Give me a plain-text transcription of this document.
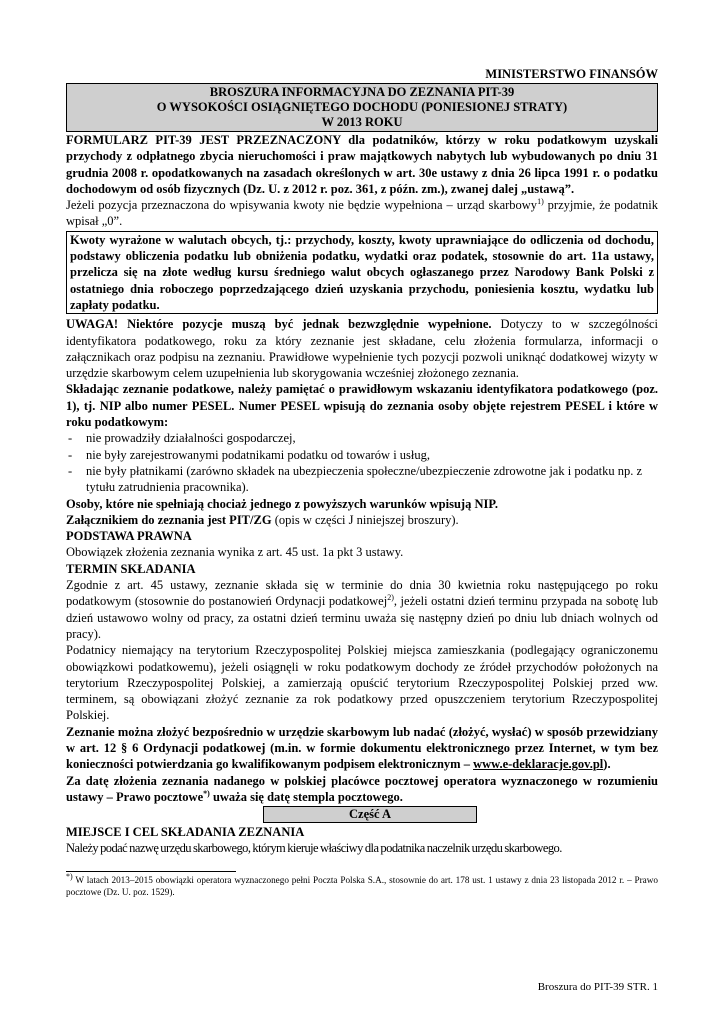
MINISTERSTWO FINANSÓW

BROSZURA INFORMACYJNA DO ZEZNANIA PIT-39
O WYSOKOŚCI OSIĄGNIĘTEGO DOCHODU (PONIESIONEJ STRATY)
W 2013 ROKU

FORMULARZ PIT-39 JEST PRZEZNACZONY dla podatników, którzy w roku podatkowym uzyskali przychody z odpłatnego zbycia nieruchomości i praw majątkowych nabytych lub wybudowanych po dniu 31 grudnia 2008 r. opodatkowanych na zasadach określonych w art. 30e ustawy z dnia 26 lipca 1991 r. o podatku dochodowym od osób fizycznych (Dz. U. z 2012 r. poz. 361, z późn. zm.), zwanej dalej „ustawą”.

Jeżeli pozycja przeznaczona do wpisywania kwoty nie będzie wypełniona – urząd skarbowy$^{1)}$ przyjmie, że podatnik wpisał „0”.

Kwoty wyrażone w walutach obcych, tj.: przychody, koszty, kwoty uprawniające do odliczenia od dochodu, podstawy obliczenia podatku lub obniżenia podatku, wydatki oraz podatek, stosownie do art. 11a ustawy, przelicza się na złote według kursu średniego walut obcych ogłaszanego przez Narodowy Bank Polski z ostatniego dnia roboczego poprzedzającego dzień uzyskania przychodu, poniesienia kosztu, wydatku lub zapłaty podatku.

UWAGA! Niektóre pozycje muszą być jednak bezwzględnie wypełnione. Dotyczy to w szczególności identyfikatora podatkowego, roku za który zeznanie jest składane, celu złożenia formularza, informacji o załącznikach oraz podpisu na zeznaniu. Prawidłowe wypełnienie tych pozycji pozwoli uniknąć dodatkowej wizyty w urzędzie skarbowym celem uzupełnienia lub skorygowania wcześniej złożonego zeznania.

Składając zeznanie podatkowe, należy pamiętać o prawidłowym wskazaniu identyfikatora podatkowego (poz. 1), tj. NIP albo numer PESEL. Numer PESEL wpisują do zeznania osoby objęte rejestrem PESEL i które w roku podatkowym:

- nie prowadziły działalności gospodarczej,
- nie były zarejestrowanymi podatnikami podatku od towarów i usług,
- nie były płatnikami (zarówno składek na ubezpieczenia społeczne/ubezpieczenie zdrowotne jak i podatku np. z tytułu zatrudnienia pracownika).

Osoby, które nie spełniają chociaż jednego z powyższych warunków wpisują NIP.

Załącznikiem do zeznania jest PIT/ZG (opis w części J niniejszej broszury).

PODSTAWA PRAWNA

Obowiązek złożenia zeznania wynika z art. 45 ust. 1a pkt 3 ustawy.

TERMIN SKŁADANIA

Zgodnie z art. 45 ustawy, zeznanie składa się w terminie do dnia 30 kwietnia roku następującego po roku podatkowym (stosownie do postanowień Ordynacji podatkowej$^{2)}$, jeżeli ostatni dzień terminu przypada na sobotę lub dzień ustawowo wolny od pracy, za ostatni dzień terminu uważa się następny dzień po dniu lub dniach wolnych od pracy).

Podatnicy niemający na terytorium Rzeczypospolitej Polskiej miejsca zamieszkania (podlegający ograniczonemu obowiązkowi podatkowemu), jeżeli osiągnęli w roku podatkowym dochody ze źródeł przychodów położonych na terytorium Rzeczypospolitej Polskiej, a zamierzają opuścić terytorium Rzeczypospolitej Polskiej przed ww. terminem, są obowiązani złożyć zeznanie za rok podatkowy przed opuszczeniem terytorium Rzeczypospolitej Polskiej.

Zeznanie można złożyć bezpośrednio w urzędzie skarbowym lub nadać (złożyć, wysłać) w sposób przewidziany w art. 12 § 6 Ordynacji podatkowej (m.in. w formie dokumentu elektronicznego przez Internet, w tym bez konieczności potwierdzania go kwalifikowanym podpisem elektronicznym – www.e-deklaracje.gov.pl).

Za datę złożenia zeznania nadanego w polskiej placówce pocztowej operatora wyznaczonego w rozumieniu ustawy – Prawo pocztowe*) uważa się datę stempla pocztowego.

Część A

MIEJSCE I CEL SKŁADANIA ZEZNANIA

Należy podać nazwę urzędu skarbowego, którym kieruje właściwy dla podatnika naczelnik urzędu skarbowego.

*) W latach 2013–2015 obowiązki operatora wyznaczonego pełni Poczta Polska S.A., stosownie do art. 178 ust. 1 ustawy z dnia 23 listopada 2012 r. – Prawo pocztowe (Dz. U. poz. 1529).

Broszura do PIT-39 STR. 1
